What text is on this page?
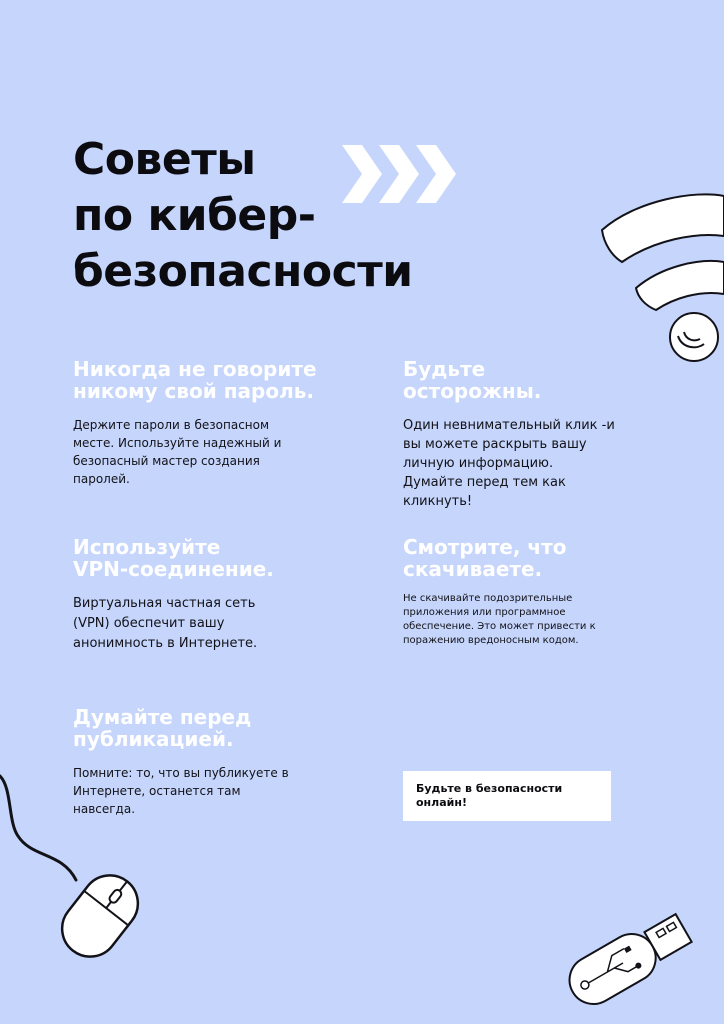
Советы
по кибер-
безопасности
Никогда не говорите
никому свой пароль.

Держите пароли в безопасном
месте. Используйте надежный и
безопасный мастер создания
паролей.

Будьте
осторожны.

Один невнимательный клик -и
вы можете раскрыть вашу
личную информацию.
Думайте перед тем как
кликнуть!

Используйте
VPN-соединение.

Виртуальная частная сеть
(VPN) обеспечит вашу
анонимность в Интернете.

Смотрите, что
скачиваете.

Не скачивайте подозрительные
приложения или программное
обеспечение. Это может привести к
поражению вредоносным кодом.

Думайте перед
публикацией.

Помните: то, что вы публикуете в
Интернете, останется там
навсегда.

Будьте в безопасности
онлайн!
